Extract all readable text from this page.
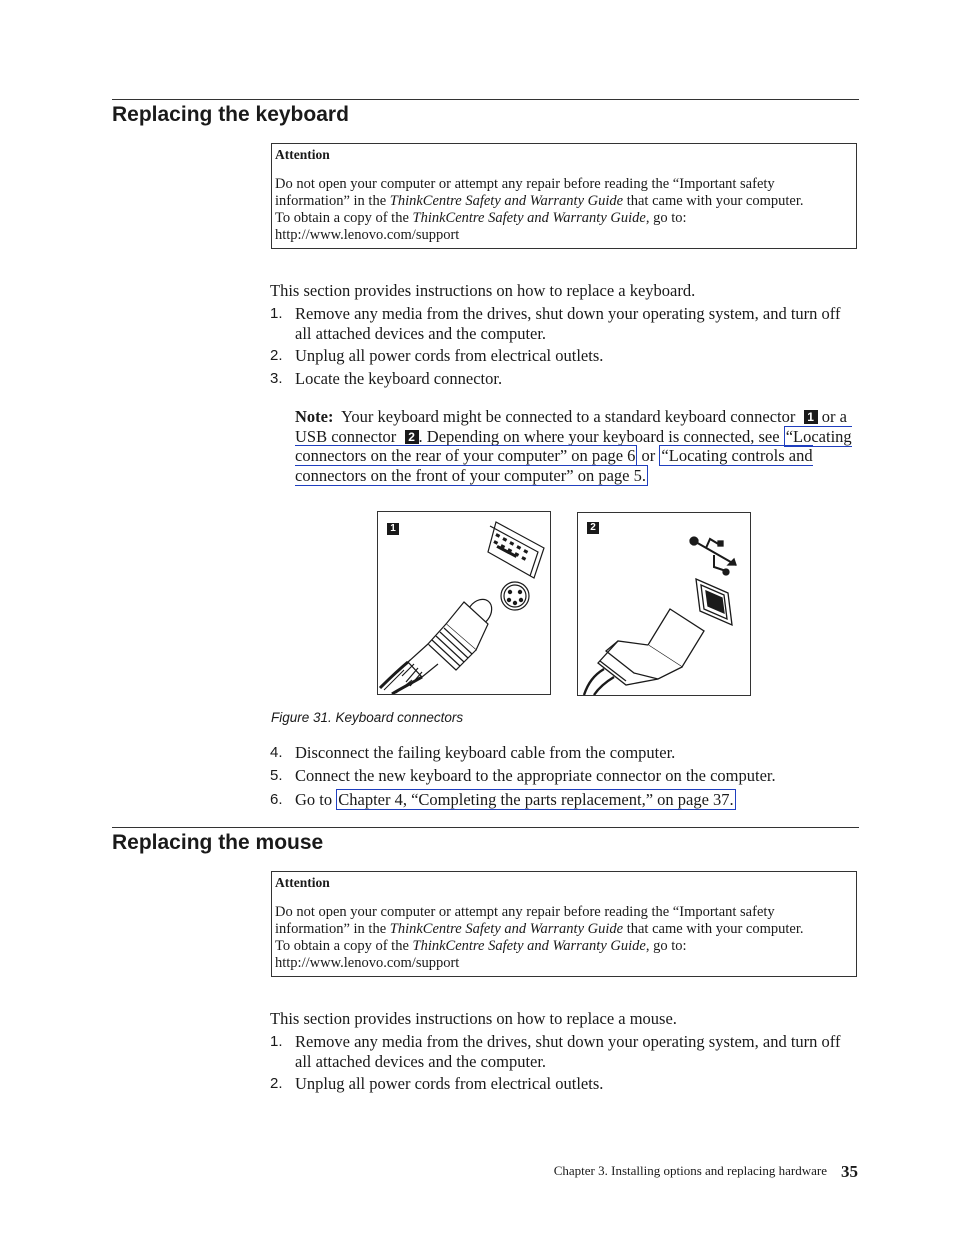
Replacing the keyboard
Attention
Do not open your computer or attempt any repair before reading the “Important safety
information” in the ThinkCentre Safety and Warranty Guide that came with your computer.
To obtain a copy of the ThinkCentre Safety and Warranty Guide, go to:
http://www.lenovo.com/support

This section provides instructions on how to replace a keyboard.

1. Remove any media from the drives, shut down your operating system, and turn off all attached devices and the computer.
2. Unplug all power cords from electrical outlets.
3. Locate the keyboard connector.
Note: Your keyboard might be connected to a standard keyboard connector 1 or a USB connector 2 . Depending on where your keyboard is connected, see “Locating connectors on the rear of your computer” on page 6 or “Locating controls and connectors on the front of your computer” on page 5.
1	2
Figure 31. Keyboard connectors
4. Disconnect the failing keyboard cable from the computer.
5. Connect the new keyboard to the appropriate connector on the computer.
6. Go to Chapter 4, “Completing the parts replacement,” on page 37.
Replacing the mouse
Attention
Do not open your computer or attempt any repair before reading the “Important safety
information” in the ThinkCentre Safety and Warranty Guide that came with your computer.
To obtain a copy of the ThinkCentre Safety and Warranty Guide, go to:
http://www.lenovo.com/support

This section provides instructions on how to replace a mouse.

1. Remove any media from the drives, shut down your operating system, and turn off all attached devices and the computer.
2. Unplug all power cords from electrical outlets.
Chapter 3. Installing options and replacing hardware 35
